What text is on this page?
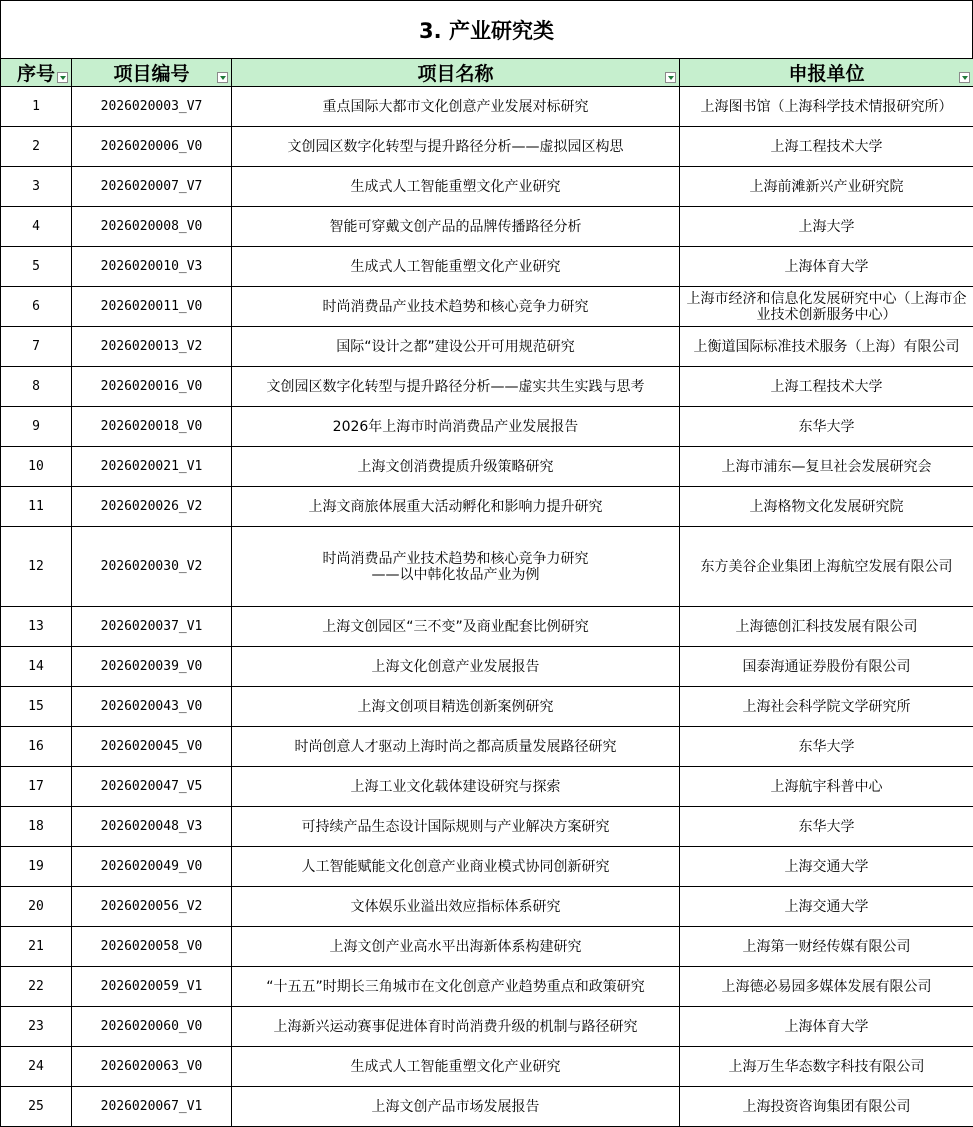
3. 产业研究类
序号	项目编号	项目名称	申报单位

1	2026020003_V7	重点国际大都市文化创意产业发展对标研究	上海图书馆（上海科学技术情报研究所）
2	2026020006_V0	文创园区数字化转型与提升路径分析——虚拟园区构思	上海工程技术大学
3	2026020007_V7	生成式人工智能重塑文化产业研究	上海前滩新兴产业研究院
4	2026020008_V0	智能可穿戴文创产品的品牌传播路径分析	上海大学
5	2026020010_V3	生成式人工智能重塑文化产业研究	上海体育大学
6	2026020011_V0	时尚消费品产业技术趋势和核心竞争力研究	上海市经济和信息化发展研究中心（上海市企业技术创新服务中心）
7	2026020013_V2	国际“设计之都”建设公开可用规范研究	上衡道国际标准技术服务（上海）有限公司
8	2026020016_V0	文创园区数字化转型与提升路径分析——虚实共生实践与思考	上海工程技术大学
9	2026020018_V0	2026年上海市时尚消费品产业发展报告	东华大学
10	2026020021_V1	上海文创消费提质升级策略研究	上海市浦东—复旦社会发展研究会
11	2026020026_V2	上海文商旅体展重大活动孵化和影响力提升研究	上海格物文化发展研究院
12	2026020030_V2	时尚消费品产业技术趋势和核心竞争力研究
——以中韩化妆品产业为例	东方美谷企业集团上海航空发展有限公司
13	2026020037_V1	上海文创园区“三不变”及商业配套比例研究	上海德创汇科技发展有限公司
14	2026020039_V0	上海文化创意产业发展报告	国泰海通证券股份有限公司
15	2026020043_V0	上海文创项目精选创新案例研究	上海社会科学院文学研究所
16	2026020045_V0	时尚创意人才驱动上海时尚之都高质量发展路径研究	东华大学
17	2026020047_V5	上海工业文化载体建设研究与探索	上海航宇科普中心
18	2026020048_V3	可持续产品生态设计国际规则与产业解决方案研究	东华大学
19	2026020049_V0	人工智能赋能文化创意产业商业模式协同创新研究	上海交通大学
20	2026020056_V2	文体娱乐业溢出效应指标体系研究	上海交通大学
21	2026020058_V0	上海文创产业高水平出海新体系构建研究	上海第一财经传媒有限公司
22	2026020059_V1	“十五五”时期长三角城市在文化创意产业趋势重点和政策研究	上海德必易园多媒体发展有限公司
23	2026020060_V0	上海新兴运动赛事促进体育时尚消费升级的机制与路径研究	上海体育大学
24	2026020063_V0	生成式人工智能重塑文化产业研究	上海万生华态数字科技有限公司
25	2026020067_V1	上海文创产品市场发展报告	上海投资咨询集团有限公司
